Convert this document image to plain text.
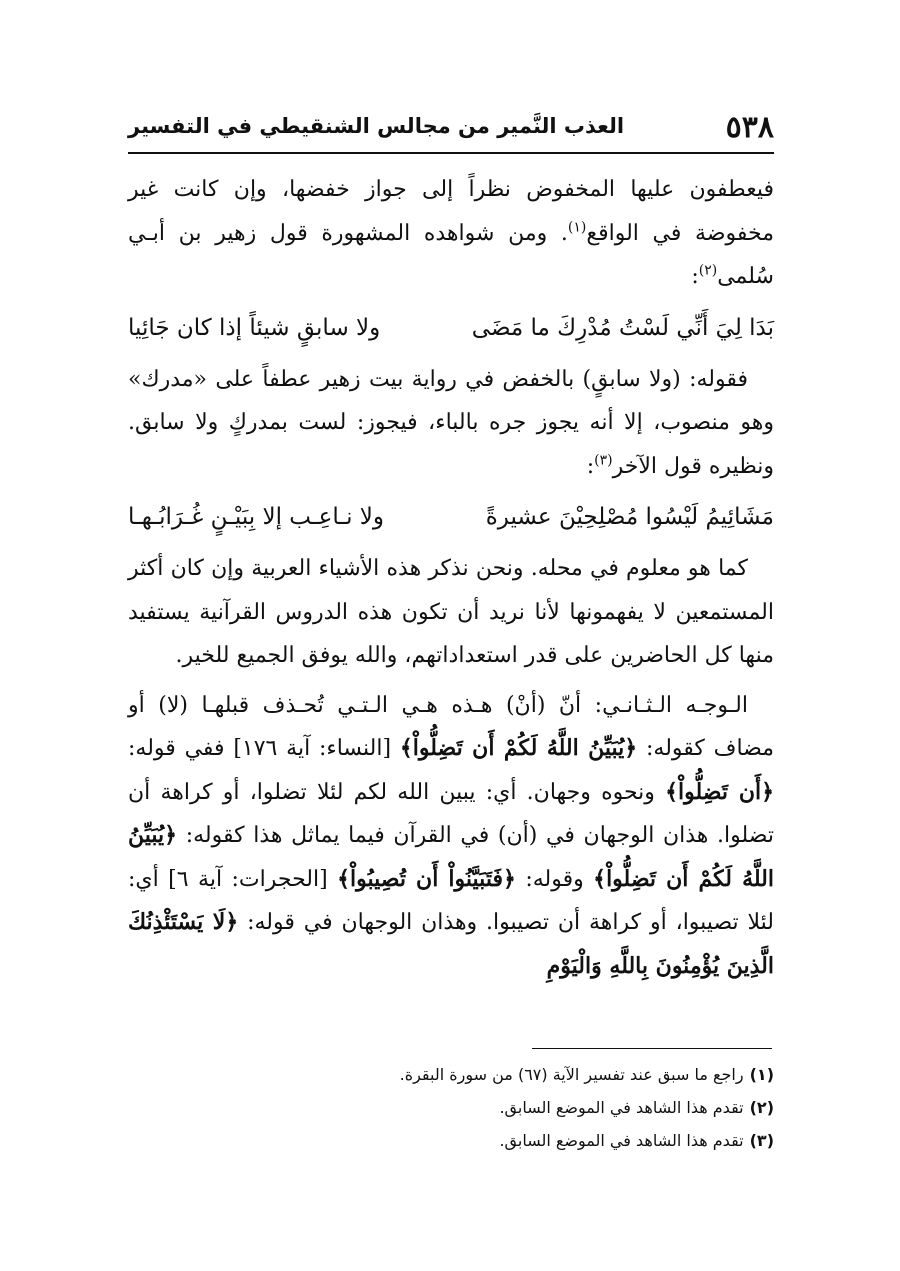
٥٣٨
العذب النَّمير من مجالس الشنقيطي في التفسير

فيعطفون عليها المخفوض نظراً إلى جواز خفضها، وإن كانت غير مخفوضة في الواقع$^{(١)}$. ومن شواهده المشهورة قول زهير بن أبـي سُلمى$^{(٢)}$:

بَدَا لِيَ أَنِّي لَسْتُ مُدْرِكَ ما مَضَى
ولا سابقٍ شيئاً إذا كان جَائِيا

فقوله: (ولا سابقٍ) بالخفض في رواية بيت زهير عطفاً على «مدرك» وهو منصوب، إلا أنه يجوز جره بالباء، فيجوز: لست بمدركٍ ولا سابق. ونظيره قول الآخر$^{(٣)}$:

مَشَائِيمُ لَيْسُوا مُصْلِحِيْنَ عشيرةً
ولا نـاعِـب إلا بِبَيْـنٍ غُـرَابُـهـا

كما هو معلوم في محله. ونحن نذكر هذه الأشياء العربية وإن كان أكثر المستمعين لا يفهمونها لأنا نريد أن تكون هذه الدروس القرآنية يستفيد منها كل الحاضرين على قدر استعداداتهم، والله يوفق الجميع للخير.

الـوجـه الـثـانـي: أنّ (أنْ) هـذه هـي الـتـي تُحـذف قبلهـا (لا) أو مضاف كقوله: ﴿يُبَيِّنُ اللَّهُ لَكُمْ أَن تَضِلُّواْ﴾ [النساء: آية ١٧٦] ففي قوله: ﴿أَن تَضِلُّواْ﴾ ونحوه وجهان. أي: يبين الله لكم لئلا تضلوا، أو كراهة أن تضلوا. هذان الوجهان في (أن) في القرآن فيما يماثل هذا كقوله: ﴿يُبَيِّنُ اللَّهُ لَكُمْ أَن تَضِلُّواْ﴾ وقوله: ﴿فَتَبَيَّنُواْ أَن تُصِيبُواْ﴾ [الحجرات: آية ٦] أي: لئلا تصيبوا، أو كراهة أن تصيبوا. وهذان الوجهان في قوله: ﴿لَا يَسْتَئْذِنُكَ الَّذِينَ يُؤْمِنُونَ بِاللَّهِ وَالْيَوْمِ

(١)راجع ما سبق عند تفسير الآية (٦٧) من سورة البقرة.

(٢)تقدم هذا الشاهد في الموضع السابق.

(٣)تقدم هذا الشاهد في الموضع السابق.
